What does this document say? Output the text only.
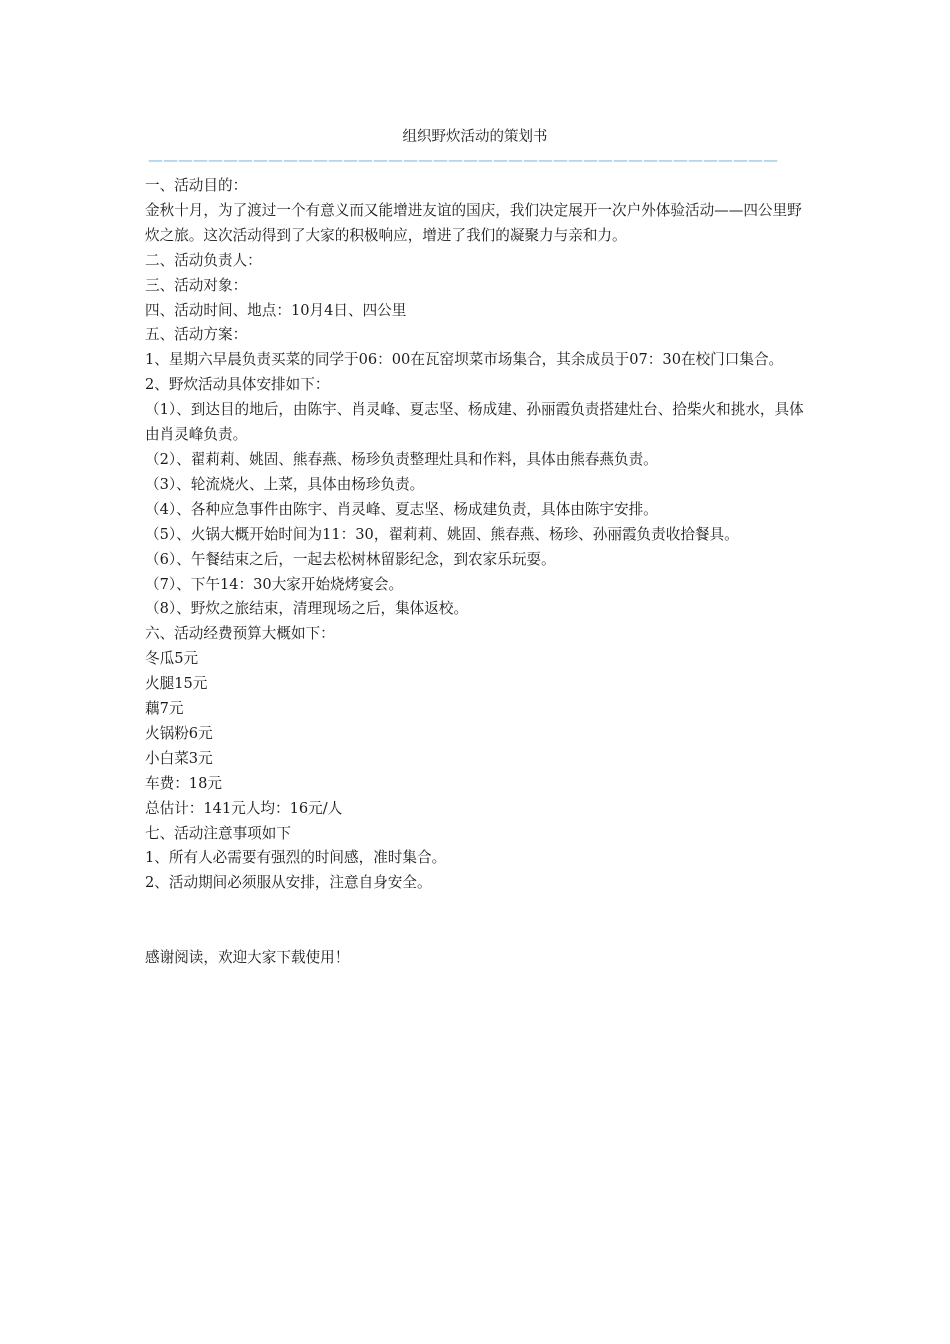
组织野炊活动的策划书
——————————————————————————————————————————

一、活动目的：

金秋十月，为了渡过一个有意义而又能增进友谊的国庆，我们决定展开一次户外体验活动——四公里野炊之旅。这次活动得到了大家的积极响应，增进了我们的凝聚力与亲和力。

二、活动负责人：

三、活动对象：

四、活动时间、地点：10月4日、四公里

五、活动方案：

1、星期六早晨负责买菜的同学于06：00在瓦窑坝菜市场集合，其余成员于07：30在校门口集合。

2、野炊活动具体安排如下：

（1）、到达目的地后，由陈宇、肖灵峰、夏志坚、杨成建、孙丽霞负责搭建灶台、拾柴火和挑水，具体由肖灵峰负责。

（2）、翟莉莉、姚固、熊春燕、杨珍负责整理灶具和作料，具体由熊春燕负责。

（3）、轮流烧火、上菜，具体由杨珍负责。

（4）、各种应急事件由陈宇、肖灵峰、夏志坚、杨成建负责，具体由陈宇安排。

（5）、火锅大概开始时间为11：30，翟莉莉、姚固、熊春燕、杨珍、孙丽霞负责收拾餐具。

（6）、午餐结束之后，一起去松树林留影纪念，到农家乐玩耍。

（7）、下午14：30大家开始烧烤宴会。

（8）、野炊之旅结束，清理现场之后，集体返校。

六、活动经费预算大概如下：

冬瓜5元

火腿15元

藕7元

火锅粉6元

小白菜3元

车费：18元

总估计：141元人均：16元/人

七、活动注意事项如下

1、所有人必需要有强烈的时间感，准时集合。

2、活动期间必须服从安排，注意自身安全。

感谢阅读，欢迎大家下载使用！
